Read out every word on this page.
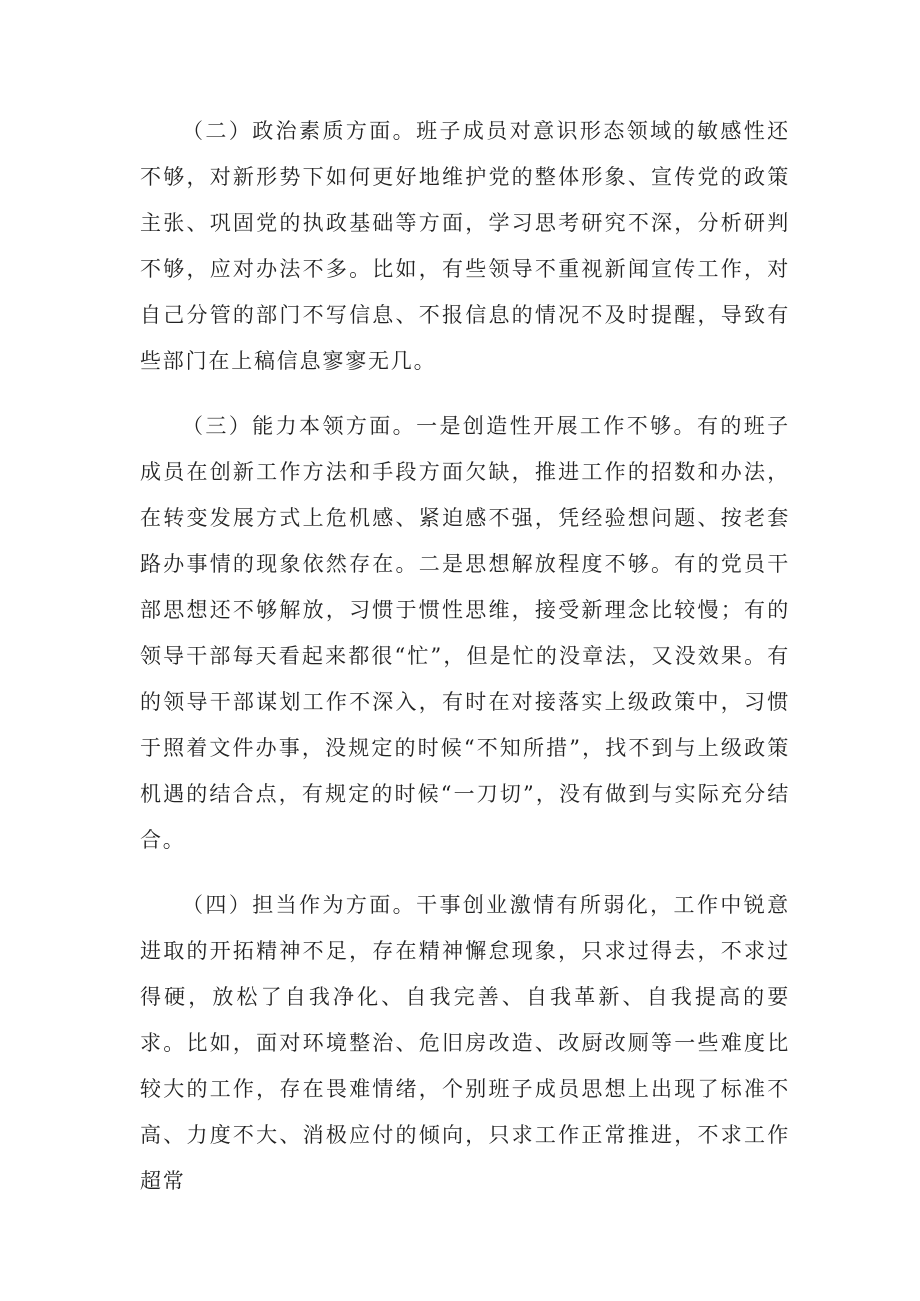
（二）政治素质方面。班子成员对意识形态领域的敏感性还不够，对新形势下如何更好地维护党的整体形象、宣传党的政策主张、巩固党的执政基础等方面，学习思考研究不深，分析研判不够，应对办法不多。比如，有些领导不重视新闻宣传工作，对自己分管的部门不写信息、不报信息的情况不及时提醒，导致有些部门在上稿信息寥寥无几。

（三）能力本领方面。一是创造性开展工作不够。有的班子成员在创新工作方法和手段方面欠缺，推进工作的招数和办法，在转变发展方式上危机感、紧迫感不强，凭经验想问题、按老套路办事情的现象依然存在。二是思想解放程度不够。有的党员干部思想还不够解放，习惯于惯性思维，接受新理念比较慢；有的领导干部每天看起来都很“忙”，但是忙的没章法，又没效果。有的领导干部谋划工作不深入，有时在对接落实上级政策中，习惯于照着文件办事，没规定的时候“不知所措”，找不到与上级政策机遇的结合点，有规定的时候“一刀切”，没有做到与实际充分结合。

（四）担当作为方面。干事创业激情有所弱化，工作中锐意进取的开拓精神不足，存在精神懈怠现象，只求过得去，不求过得硬，放松了自我净化、自我完善、自我革新、自我提高的要求。比如，面对环境整治、危旧房改造、改厨改厕等一些难度比较大的工作，存在畏难情绪，个别班子成员思想上出现了标准不高、力度不大、消极应付的倾向，只求工作正常推进，不求工作超常
